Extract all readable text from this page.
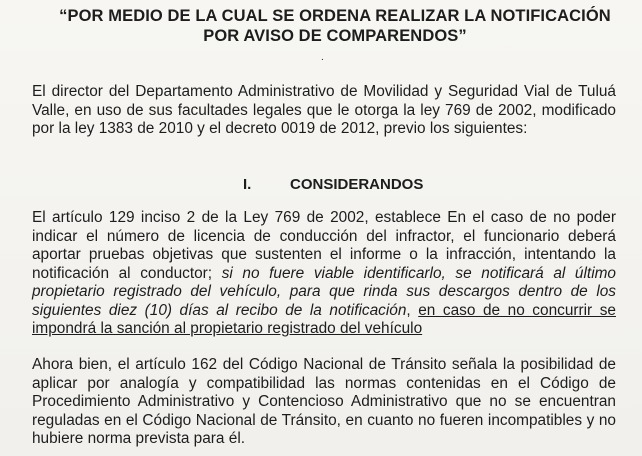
“POR MEDIO DE LA CUAL SE ORDENA REALIZAR LA NOTIFICACIÓN POR AVISO DE COMPARENDOS”
.
El director del Departamento Administrativo de Movilidad y Seguridad Vial de Tuluá Valle, en uso de sus facultades legales que le otorga la ley 769 de 2002, modificado por la ley 1383 de 2010 y el decreto 0019 de 2012, previo los siguientes:
I.	CONSIDERANDOS
El artículo 129 inciso 2 de la Ley 769 de 2002, establece En el caso de no poder indicar el número de licencia de conducción del infractor, el funcionario deberá aportar pruebas objetivas que sustenten el informe o la infracción, intentando la notificación al conductor; si no fuere viable identificarlo, se notificará al último propietario registrado del vehículo, para que rinda sus descargos dentro de los siguientes diez (10) días al recibo de la notificación, en caso de no concurrir se impondrá la sanción al propietario registrado del vehículo
Ahora bien, el artículo 162 del Código Nacional de Tránsito señala la posibilidad de aplicar por analogía y compatibilidad las normas contenidas en el Código de Procedimiento Administrativo y Contencioso Administrativo que no se encuentran reguladas en el Código Nacional de Tránsito, en cuanto no fueren incompatibles y no hubiere norma prevista para él.
